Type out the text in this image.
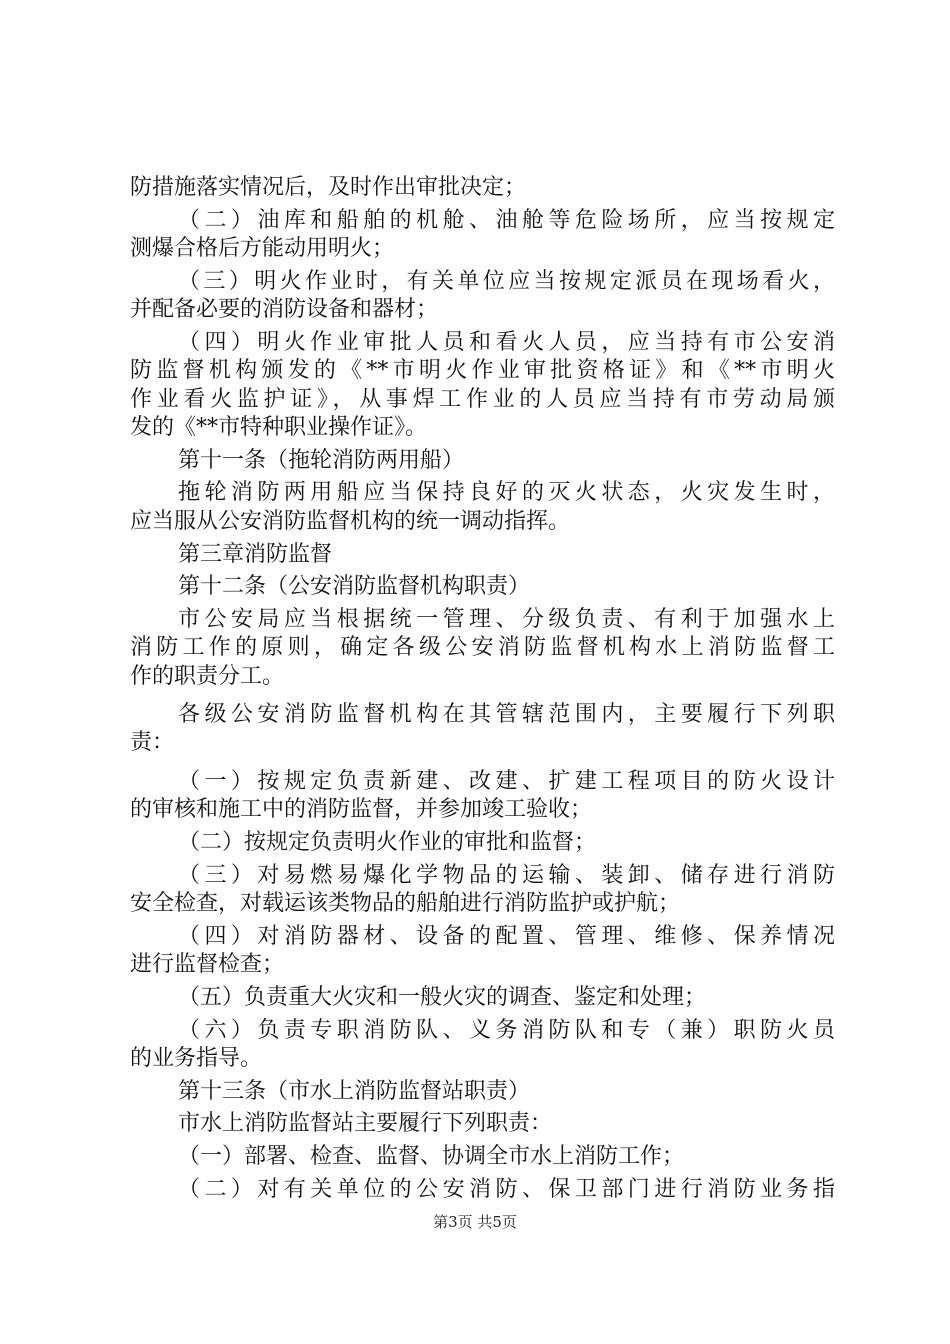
防措施落实情况后，及时作出审批决定；
（二）油库和船舶的机舱、油舱等危险场所，应当按规定
测爆合格后方能动用明火；
（三）明火作业时，有关单位应当按规定派员在现场看火，
并配备必要的消防设备和器材；
（四）明火作业审批人员和看火人员，应当持有市公安消
防监督机构颁发的《**市明火作业审批资格证》和《**市明火
作业看火监护证》，从事焊工作业的人员应当持有市劳动局颁
发的《**市特种职业操作证》。
第十一条（拖轮消防两用船）
拖轮消防两用船应当保持良好的灭火状态，火灾发生时，
应当服从公安消防监督机构的统一调动指挥。
第三章消防监督
第十二条（公安消防监督机构职责）
市公安局应当根据统一管理、分级负责、有利于加强水上
消防工作的原则，确定各级公安消防监督机构水上消防监督工
作的职责分工。
各级公安消防监督机构在其管辖范围内，主要履行下列职
责：
（一）按规定负责新建、改建、扩建工程项目的防火设计
的审核和施工中的消防监督，并参加竣工验收；
（二）按规定负责明火作业的审批和监督；
（三）对易燃易爆化学物品的运输、装卸、储存进行消防
安全检查，对载运该类物品的船舶进行消防监护或护航；
（四）对消防器材、设备的配置、管理、维修、保养情况
进行监督检查；
（五）负责重大火灾和一般火灾的调查、鉴定和处理；
（六）负责专职消防队、义务消防队和专（兼）职防火员
的业务指导。
第十三条（市水上消防监督站职责）
市水上消防监督站主要履行下列职责：
（一）部署、检查、监督、协调全市水上消防工作；
（二）对有关单位的公安消防、保卫部门进行消防业务指
第3页 共5页
